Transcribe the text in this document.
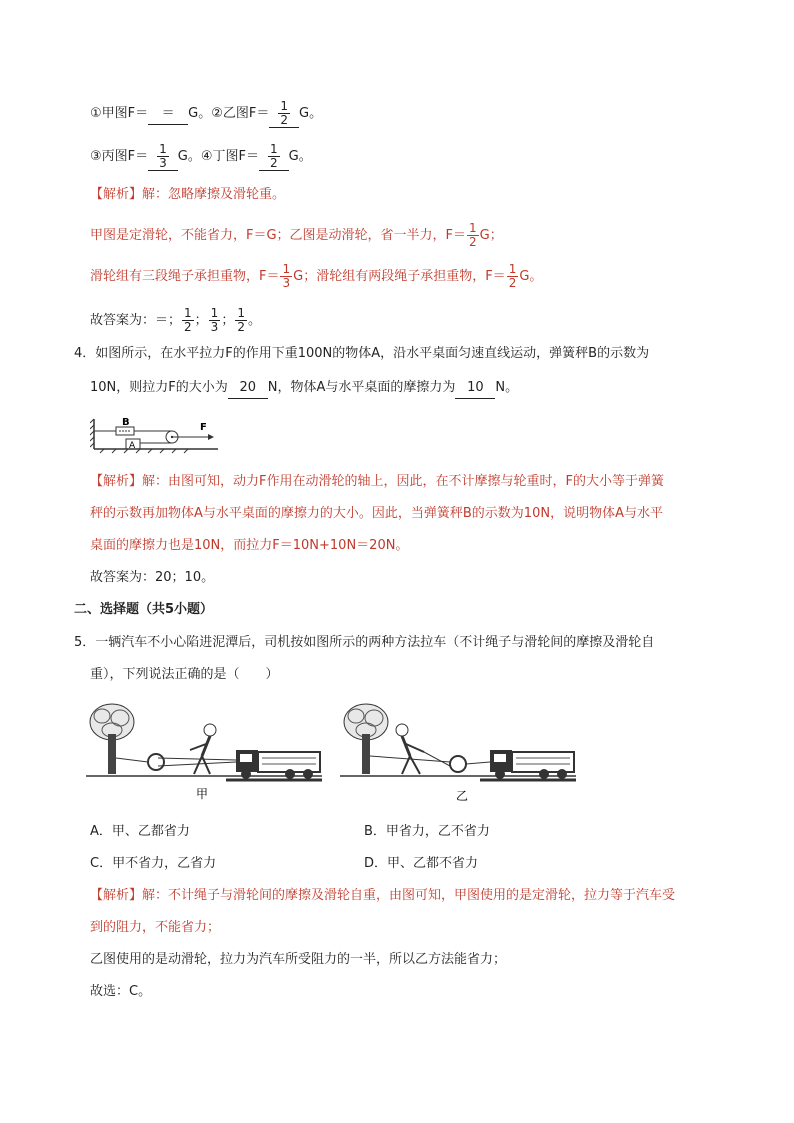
①甲图F＝ ＝ G。②乙图$F= \frac{1}{2}$ G。
③丙图$F= \frac{1}{3}$ G。④丁图$F= \frac{1}{2}$ G。
【解析】解：忽略摩擦及滑轮重。
甲图是定滑轮，不能省力，F＝G；乙图是动滑轮，省一半力，$F= \frac{1}{2}$ G；
滑轮组有三段绳子承担重物，$F= \frac{1}{3}$ G；滑轮组有两段绳子承担重物，$F= \frac{1}{2}$ G。
故答案为：＝； $\frac{1}{2}$ ； $\frac{1}{3}$ ； $\frac{1}{2}$ 。
4．如图所示，在水平拉力F的作用下重100N的物体A，沿水平桌面匀速直线运动，弹簧秤B的示数为
10N，则拉力F的大小为 20 N，物体A与水平桌面的摩擦力为 10 N。
B
A
F
【解析】解：由图可知，动力F作用在动滑轮的轴上，因此，在不计摩擦与轮重时，F的大小等于弹簧
秤的示数再加物体A与水平桌面的摩擦力的大小。因此，当弹簧秤B的示数为10N，说明物体A与水平
桌面的摩擦力也是10N，而拉力F＝10N+10N＝20N。
故答案为：20；10。
二、选择题（共5小题）
5．一辆汽车不小心陷进泥潭后，司机按如图所示的两种方法拉车（不计绳子与滑轮间的摩擦及滑轮自
重），下列说法正确的是（　　）
甲	乙
A．甲、乙都省力	B．甲省力，乙不省力
C．甲不省力，乙省力	D．甲、乙都不省力
【解析】解：不计绳子与滑轮间的摩擦及滑轮自重，由图可知，甲图使用的是定滑轮，拉力等于汽车受
到的阻力，不能省力；
乙图使用的是动滑轮，拉力为汽车所受阻力的一半，所以乙方法能省力；
故选：C。
